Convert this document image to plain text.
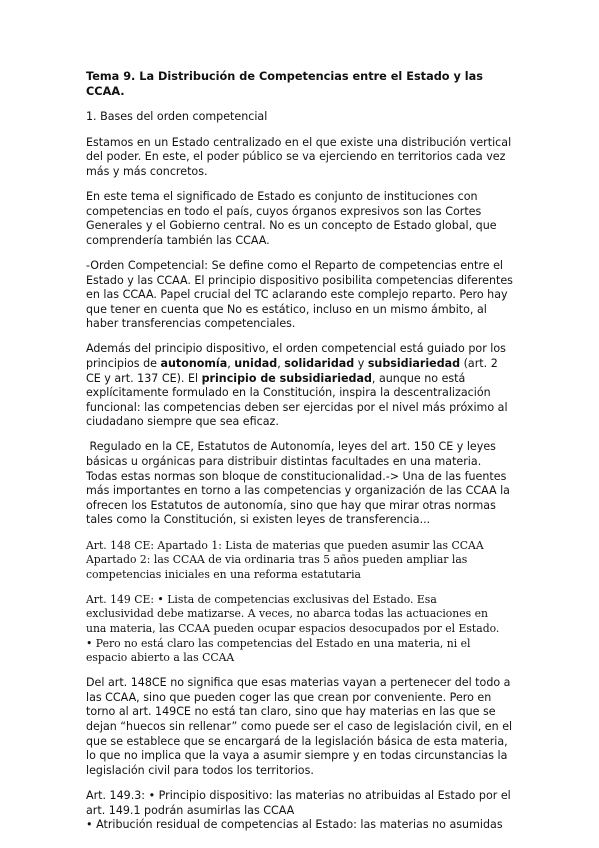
Tema 9. La Distribución de Competencias entre el Estado y las
CCAA.
1. Bases del orden competencial

Estamos en un Estado centralizado en el que existe una distribución vertical
del poder. En este, el poder público se va ejerciendo en territorios cada vez
más y más concretos.

En este tema el significado de Estado es conjunto de instituciones con
competencias en todo el país, cuyos órganos expresivos son las Cortes
Generales y el Gobierno central. No es un concepto de Estado global, que
comprendería también las CCAA.

-Orden Competencial: Se define como el Reparto de competencias entre el
Estado y las CCAA. El principio dispositivo posibilita competencias diferentes
en las CCAA. Papel crucial del TC aclarando este complejo reparto. Pero hay
que tener en cuenta que No es estático, incluso en un mismo ámbito, al
haber transferencias competenciales.

Además del principio dispositivo, el orden competencial está guiado por los
principios de autonomía, unidad, solidaridad y subsidiariedad (art. 2
CE y art. 137 CE). El principio de subsidiariedad, aunque no está
explícitamente formulado en la Constitución, inspira la descentralización
funcional: las competencias deben ser ejercidas por el nivel más próximo al
ciudadano siempre que sea eficaz.

Regulado en la CE, Estatutos de Autonomía, leyes del art. 150 CE y leyes
básicas u orgánicas para distribuir distintas facultades en una materia.
Todas estas normas son bloque de constitucionalidad.-> Una de las fuentes
más importantes en torno a las competencias y organización de las CCAA la
ofrecen los Estatutos de autonomía, sino que hay que mirar otras normas
tales como la Constitución, si existen leyes de transferencia...

Art. 148 CE: Apartado 1: Lista de materias que pueden asumir las CCAA
Apartado 2: las CCAA de via ordinaria tras 5 años pueden ampliar las
competencias iniciales en una reforma estatutaria

Art. 149 CE: • Lista de competencias exclusivas del Estado. Esa
exclusividad debe matizarse. A veces, no abarca todas las actuaciones en
una materia, las CCAA pueden ocupar espacios desocupados por el Estado.
• Pero no está claro las competencias del Estado en una materia, ni el
espacio abierto a las CCAA

Del art. 148CE no significa que esas materias vayan a pertenecer del todo a
las CCAA, sino que pueden coger las que crean por conveniente. Pero en
torno al art. 149CE no está tan claro, sino que hay materias en las que se
dejan “huecos sin rellenar” como puede ser el caso de legislación civil, en el
que se establece que se encargará de la legislación básica de esta materia,
lo que no implica que la vaya a asumir siempre y en todas circunstancias la
legislación civil para todos los territorios.

Art. 149.3: • Principio dispositivo: las materias no atribuidas al Estado por el
art. 149.1 podrán asumirlas las CCAA
• Atribución residual de competencias al Estado: las materias no asumidas
